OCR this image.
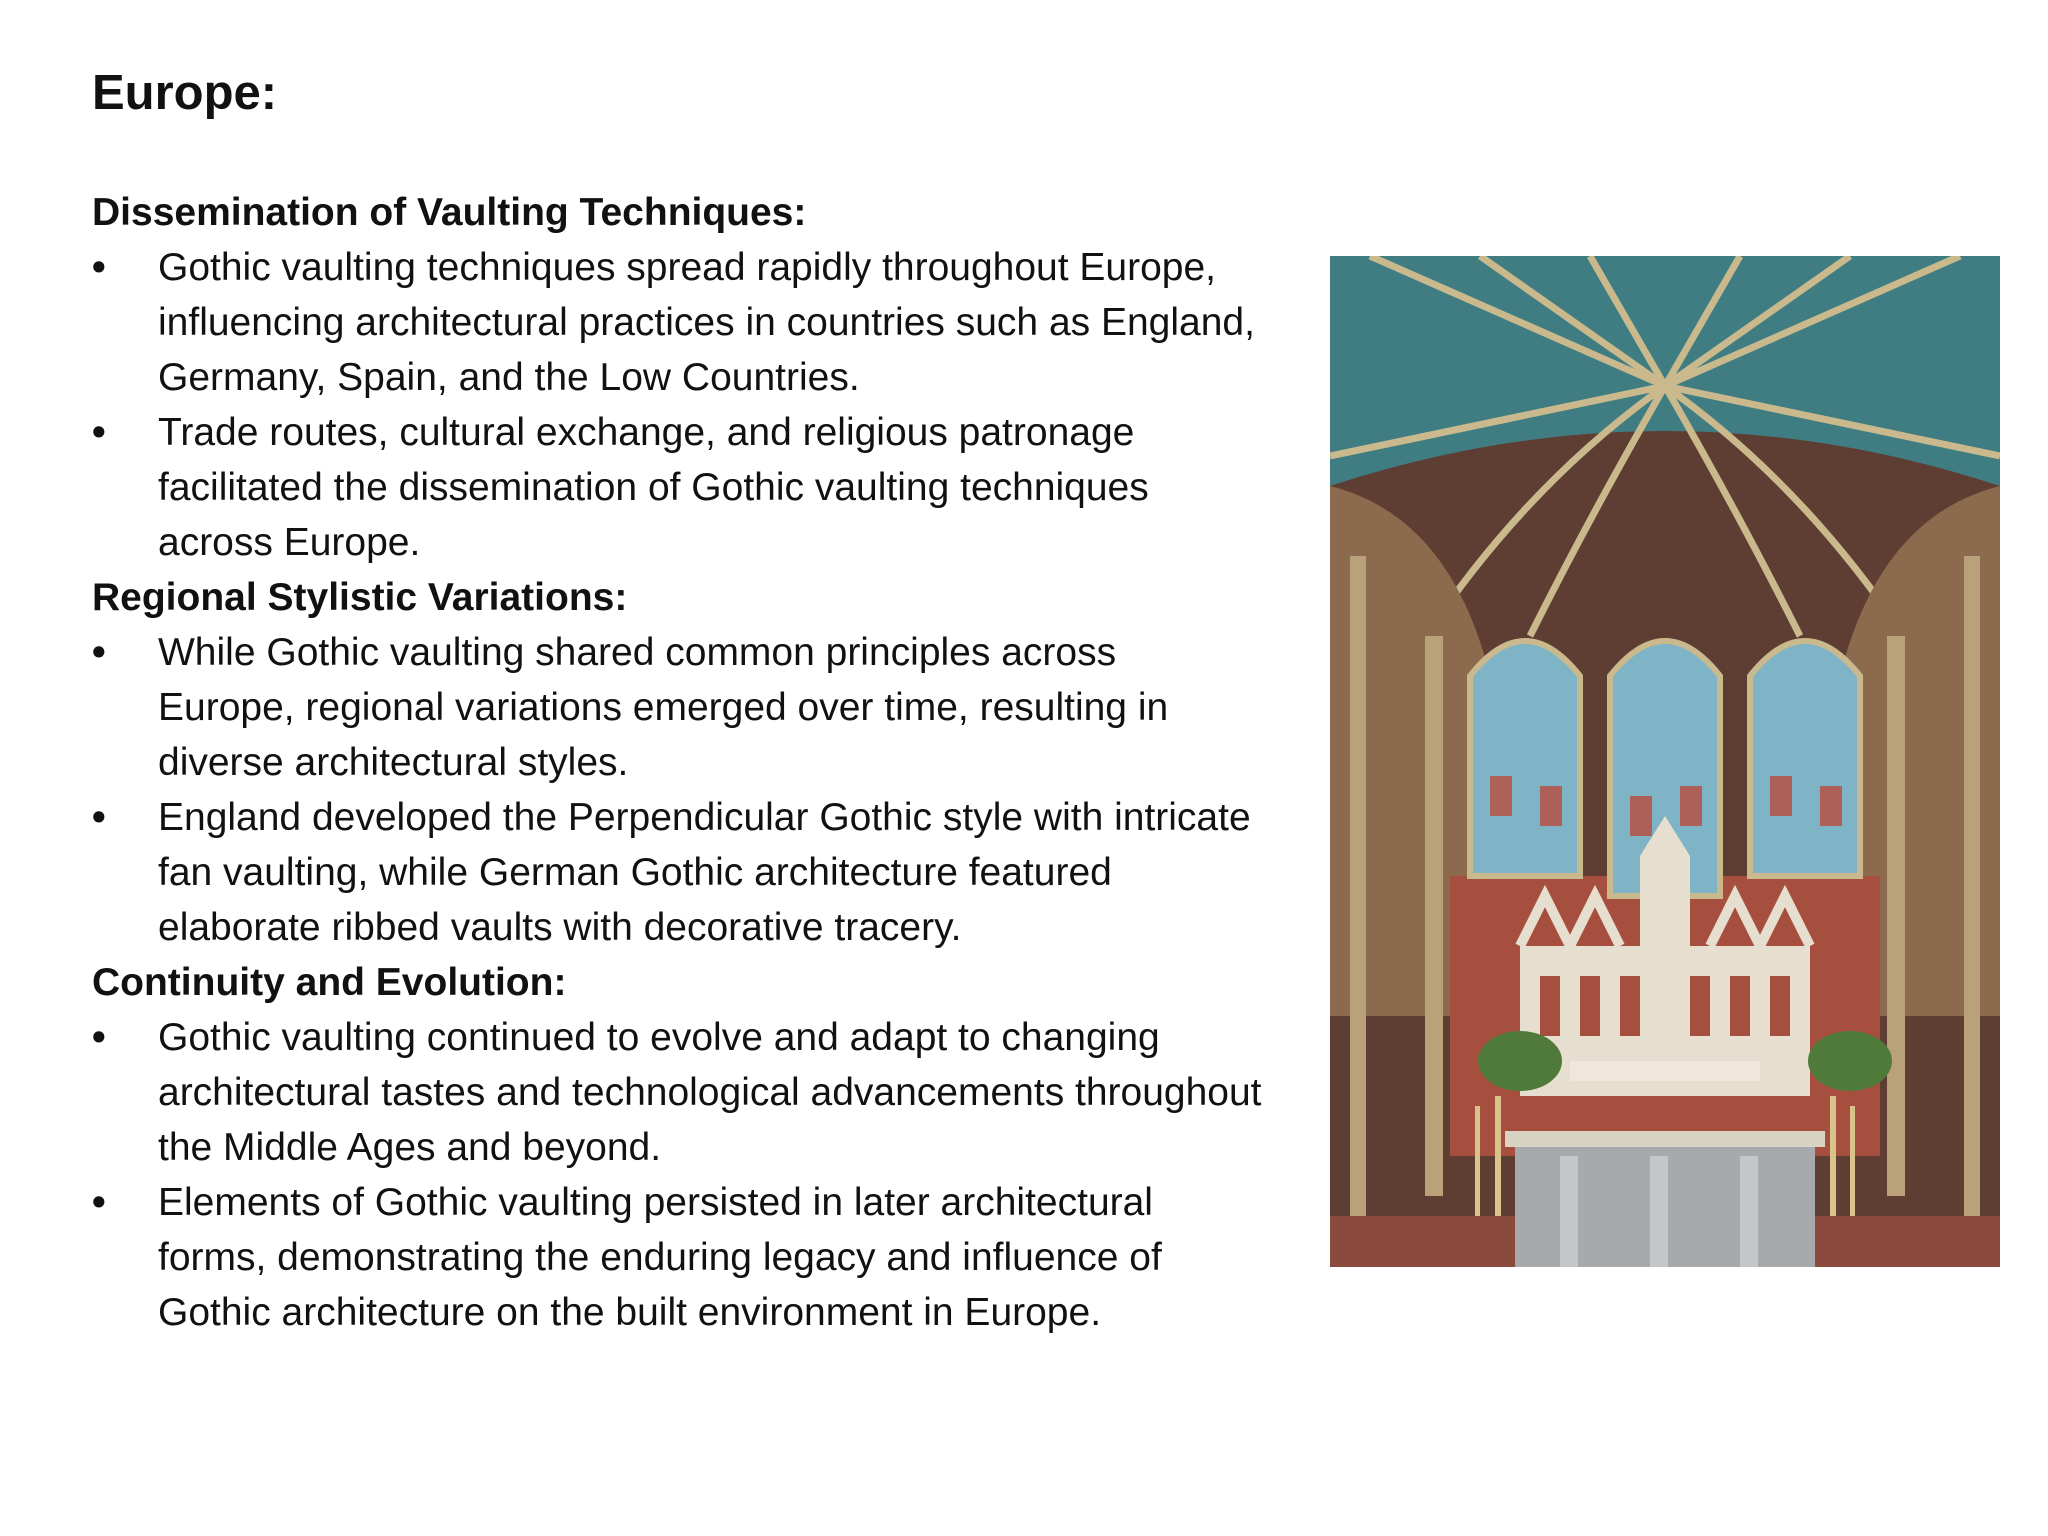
Europe:
Dissemination of Vaulting Techniques:
•	Gothic vaulting techniques spread rapidly throughout Europe, influencing architectural practices in countries such as England, Germany, Spain, and the Low Countries.
•	Trade routes, cultural exchange, and religious patronage facilitated the dissemination of Gothic vaulting techniques across Europe.
Regional Stylistic Variations:
•	While Gothic vaulting shared common principles across Europe, regional variations emerged over time, resulting in diverse architectural styles.
•	England developed the Perpendicular Gothic style with intricate fan vaulting, while German Gothic architecture featured elaborate ribbed vaults with decorative tracery.
Continuity and Evolution:
•	Gothic vaulting continued to evolve and adapt to changing architectural tastes and technological advancements throughout the Middle Ages and beyond.
•	Elements of Gothic vaulting persisted in later architectural forms, demonstrating the enduring legacy and influence of Gothic architecture on the built environment in Europe.
